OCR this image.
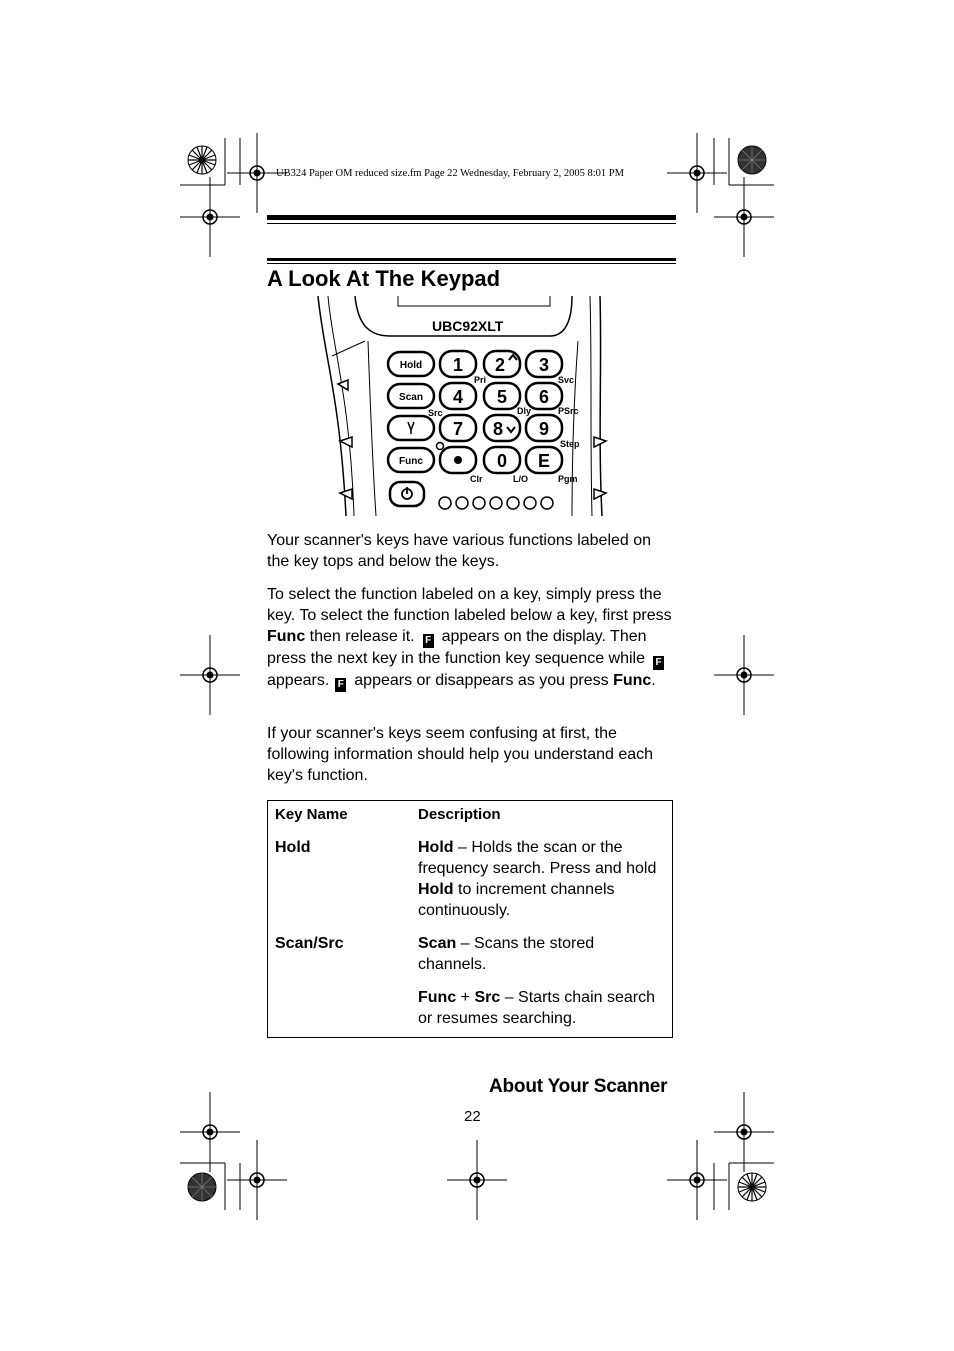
UB324 Paper OM reduced size.fm Page 22 Wednesday, February 2, 2005 8:01 PM
A Look At The Keypad
UBC92XLT
Hold 1 2 3
Pri	Svc
Scan 4 5 6
Src	Dly	PSrc
7 8 9
Step
Func	0 E
Clr	L/O	Pgm

Your scanner's keys have various functions labeled on the key tops and below the keys.

To select the function labeled on a key, simply press the key. To select the function labeled below a key, first press Func then release it. F appears on the display. Then press the next key in the function key sequence while Fappears. F appears or disappears as you press Func.

If your scanner's keys seem confusing at first, the following information should help you understand each key's function.

Key Name	Description
Hold	Hold – Holds the scan or the frequency search. Press and hold Hold to increment channels continuously.
Scan/Src	Scan – Scans the stored channels.
Func + Src – Starts chain search or resumes searching.
About Your Scanner
22
